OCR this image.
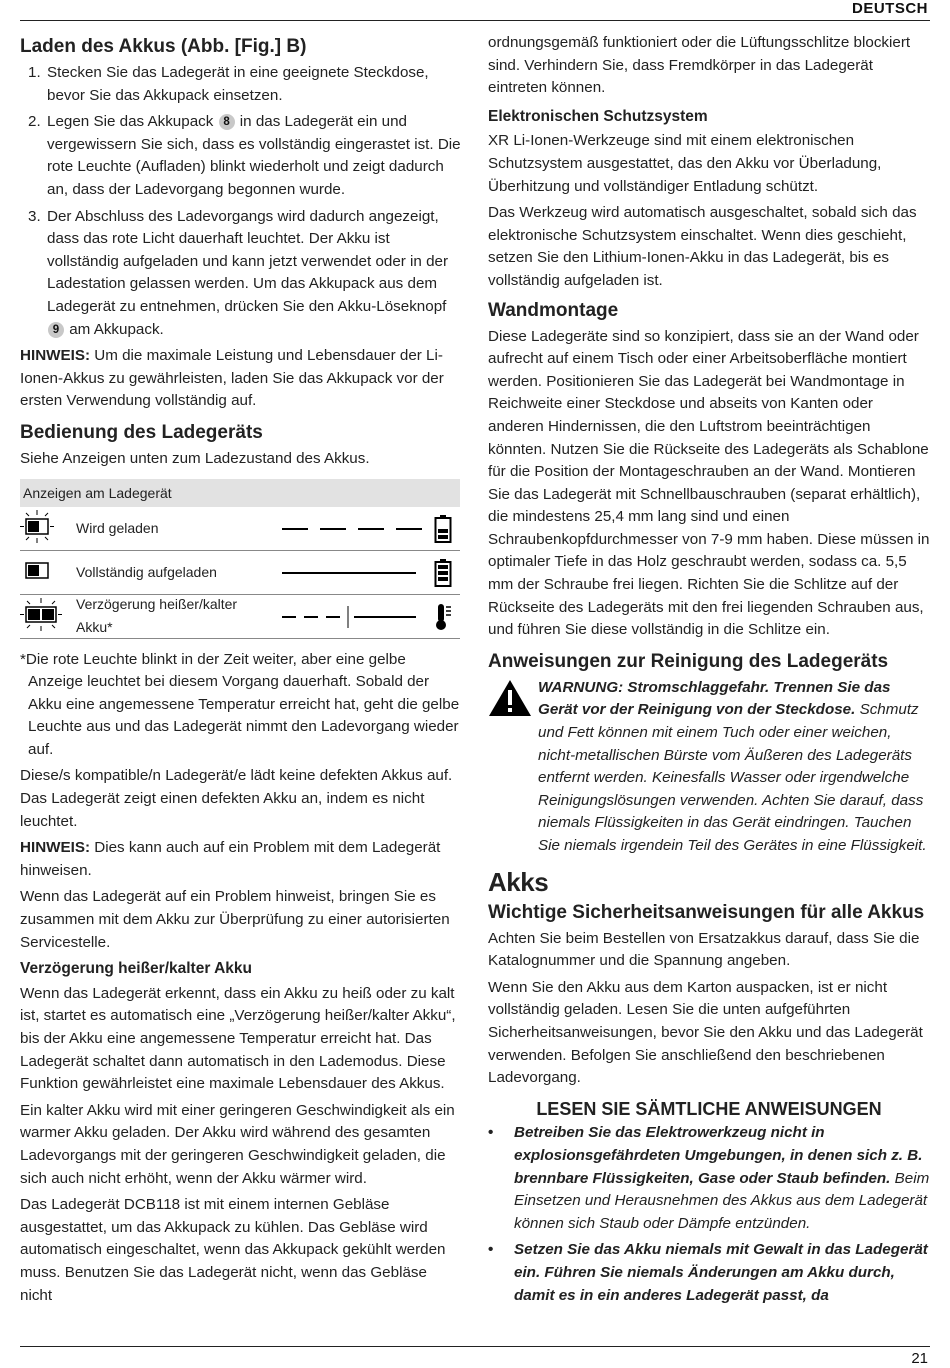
DEUTSCH
Laden des Akkus (Abb. [Fig.] B)
1. Stecken Sie das Ladegerät in eine geeignete Steckdose, bevor Sie das Akkupack einsetzen.
2. Legen Sie das Akkupack 8 in das Ladegerät ein und vergewissern Sie sich, dass es vollständig eingerastet ist. Die rote Leuchte (Aufladen) blinkt wiederholt und zeigt dadurch an, dass der Ladevorgang begonnen wurde.
3. Der Abschluss des Ladevorgangs wird dadurch angezeigt, dass das rote Licht dauerhaft leuchtet. Der Akku ist vollständig aufgeladen und kann jetzt verwendet oder in der Ladestation gelassen werden. Um das Akkupack aus dem Ladegerät zu entnehmen, drücken Sie den Akku-Löseknopf 9 am Akkupack.

HINWEIS: Um die maximale Leistung und Lebensdauer der Li-Ionen-Akkus zu gewährleisten, laden Sie das Akkupack vor der ersten Verwendung vollständig auf.

Bedienung des Ladegeräts

Siehe Anzeigen unten zum Ladezustand des Akkus.

Anzeigen am Ladegerät
Wird geladen
Vollständig aufgeladen
Verzögerung heißer/kalter Akku*

*Die rote Leuchte blinkt in der Zeit weiter, aber eine gelbe Anzeige leuchtet bei diesem Vorgang dauerhaft. Sobald der Akku eine angemessene Temperatur erreicht hat, geht die gelbe Leuchte aus und das Ladegerät nimmt den Ladevorgang wieder auf.

Diese/s kompatible/n Ladegerät/e lädt keine defekten Akkus auf. Das Ladegerät zeigt einen defekten Akku an, indem es nicht leuchtet.

HINWEIS: Dies kann auch auf ein Problem mit dem Ladegerät hinweisen.

Wenn das Ladegerät auf ein Problem hinweist, bringen Sie es zusammen mit dem Akku zur Überprüfung zu einer autorisierten Servicestelle.

Verzögerung heißer/kalter Akku

Wenn das Ladegerät erkennt, dass ein Akku zu heiß oder zu kalt ist, startet es automatisch eine „Verzögerung heißer/kalter Akku“, bis der Akku eine angemessene Temperatur erreicht hat. Das Ladegerät schaltet dann automatisch in den Lademodus. Diese Funktion gewährleistet eine maximale Lebensdauer des Akkus.

Ein kalter Akku wird mit einer geringeren Geschwindigkeit als ein warmer Akku geladen. Der Akku wird während des gesamten Ladevorgangs mit der geringeren Geschwindigkeit geladen, die sich auch nicht erhöht, wenn der Akku wärmer wird.

Das Ladegerät DCB118 ist mit einem internen Gebläse ausgestattet, um das Akkupack zu kühlen. Das Gebläse wird automatisch eingeschaltet, wenn das Akkupack gekühlt werden muss. Benutzen Sie das Ladegerät nicht, wenn das Gebläse nicht

ordnungsgemäß funktioniert oder die Lüftungsschlitze blockiert sind. Verhindern Sie, dass Fremdkörper in das Ladegerät eintreten können.

Elektronischen Schutzsystem

XR Li-Ionen-Werkzeuge sind mit einem elektronischen Schutzsystem ausgestattet, das den Akku vor Überladung, Überhitzung und vollständiger Entladung schützt.

Das Werkzeug wird automatisch ausgeschaltet, sobald sich das elektronische Schutzsystem einschaltet. Wenn dies geschieht, setzen Sie den Lithium-Ionen-Akku in das Ladegerät, bis es vollständig aufgeladen ist.

Wandmontage

Diese Ladegeräte sind so konzipiert, dass sie an der Wand oder aufrecht auf einem Tisch oder einer Arbeitsoberfläche montiert werden. Positionieren Sie das Ladegerät bei Wandmontage in Reichweite einer Steckdose und abseits von Kanten oder anderen Hindernissen, die den Luftstrom beeinträchtigen könnten. Nutzen Sie die Rückseite des Ladegeräts als Schablone für die Position der Montageschrauben an der Wand. Montieren Sie das Ladegerät mit Schnellbauschrauben (separat erhältlich), die mindestens 25,4 mm lang sind und einen Schraubenkopfdurchmesser von 7-9 mm haben. Diese müssen in optimaler Tiefe in das Holz geschraubt werden, sodass ca. 5,5 mm der Schraube frei liegen. Richten Sie die Schlitze auf der Rückseite des Ladegeräts mit den frei liegenden Schrauben aus, und führen Sie diese vollständig in die Schlitze ein.

Anweisungen zur Reinigung des Ladegeräts
WARNUNG: Stromschlaggefahr. Trennen Sie das Gerät vor der Reinigung von der Steckdose. Schmutz und Fett können mit einem Tuch oder einer weichen, nicht-metallischen Bürste vom Äußeren des Ladegeräts entfernt werden. Keinesfalls Wasser oder irgendwelche Reinigungslösungen verwenden. Achten Sie darauf, dass niemals Flüssigkeiten in das Gerät eindringen. Tauchen Sie niemals irgendein Teil des Gerätes in eine Flüssigkeit.
Akks
Wichtige Sicherheitsanweisungen für alle Akkus

Achten Sie beim Bestellen von Ersatzakkus darauf, dass Sie die Katalognummer und die Spannung angeben.

Wenn Sie den Akku aus dem Karton auspacken, ist er nicht vollständig geladen. Lesen Sie die unten aufgeführten Sicherheitsanweisungen, bevor Sie den Akku und das Ladegerät verwenden. Befolgen Sie anschließend den beschriebenen Ladevorgang.

LESEN SIE SÄMTLICHE ANWEISUNGEN
•	Betreiben Sie das Elektrowerkzeug nicht in explosionsgefährdeten Umgebungen, in denen sich z. B. brennbare Flüssigkeiten, Gase oder Staub befinden. Beim Einsetzen und Herausnehmen des Akkus aus dem Ladegerät können sich Staub oder Dämpfe entzünden.
•	Setzen Sie das Akku niemals mit Gewalt in das Ladegerät ein. Führen Sie niemals Änderungen am Akku durch, damit es in ein anderes Ladegerät passt, da
21
